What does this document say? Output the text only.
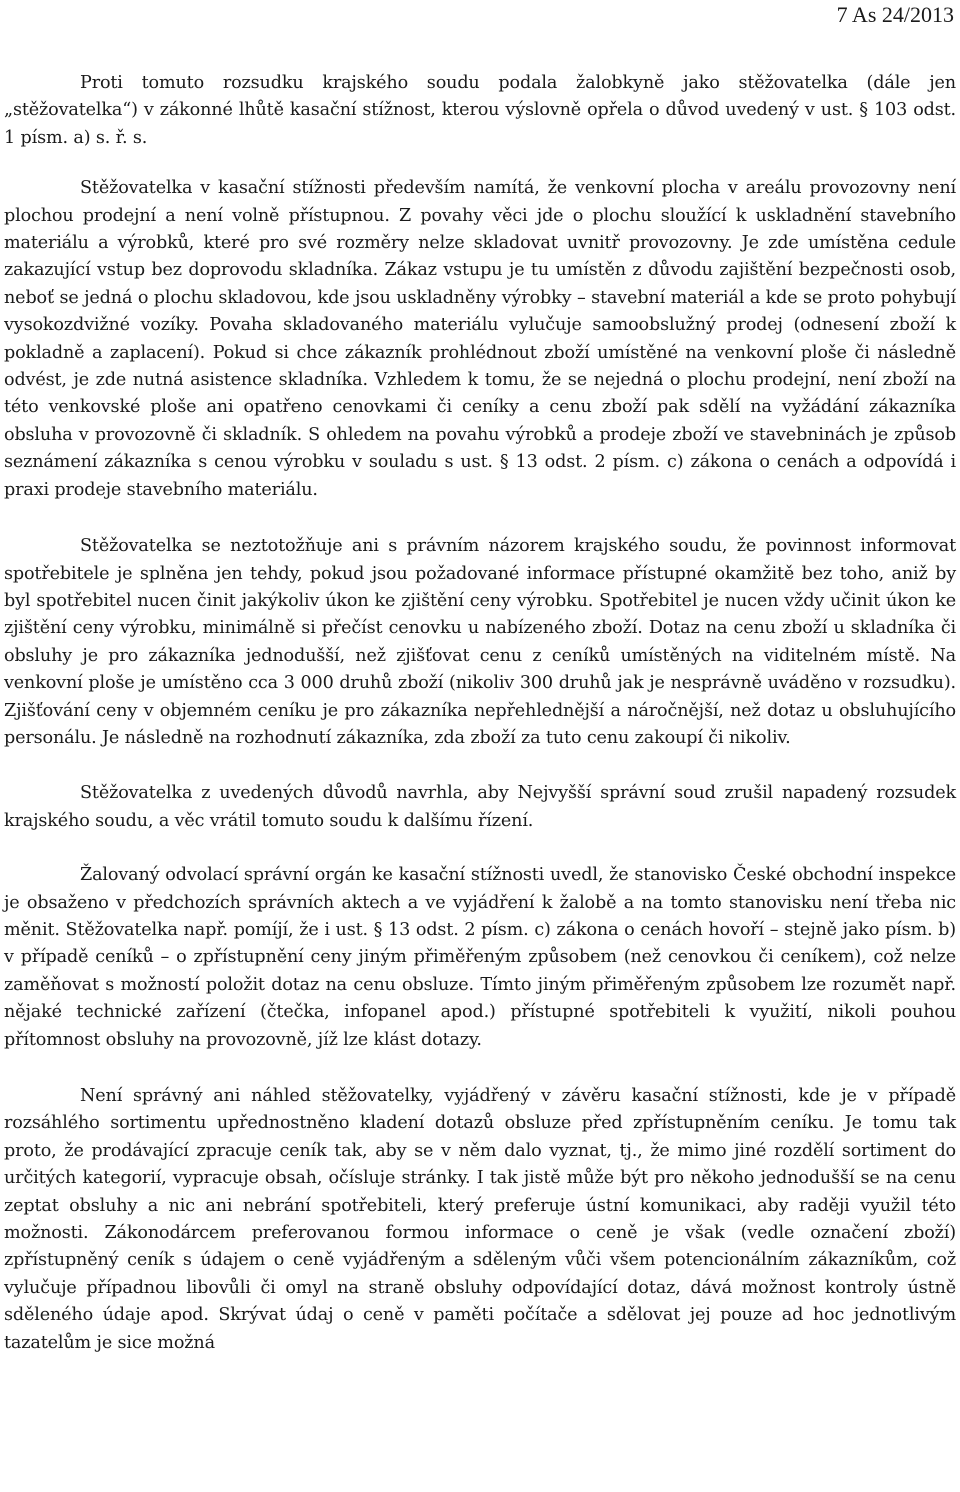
7 As 24/2013

Proti tomuto rozsudku krajského soudu podala žalobkyně jako stěžovatelka (dále jen „stěžovatelka“) v zákonné lhůtě kasační stížnost, kterou výslovně opřela o důvod uvedený v ust. § 103 odst. 1 písm. a) s. ř. s.

Stěžovatelka v kasační stížnosti především namítá, že venkovní plocha v areálu provozovny není plochou prodejní a není volně přístupnou. Z povahy věci jde o plochu sloužící k uskladnění stavebního materiálu a výrobků, které pro své rozměry nelze skladovat uvnitř provozovny. Je zde umístěna cedule zakazující vstup bez doprovodu skladníka. Zákaz vstupu je tu umístěn z důvodu zajištění bezpečnosti osob, neboť se jedná o plochu skladovou, kde jsou uskladněny výrobky – stavební materiál a kde se proto pohybují vysokozdvižné vozíky. Povaha skladovaného materiálu vylučuje samoobslužný prodej (odnesení zboží k pokladně a zaplacení). Pokud si chce zákazník prohlédnout zboží umístěné na venkovní ploše či následně odvést, je zde nutná asistence skladníka. Vzhledem k tomu, že se nejedná o plochu prodejní, není zboží na této venkovské ploše ani opatřeno cenovkami či ceníky a cenu zboží pak sdělí na vyžádání zákazníka obsluha v provozovně či skladník. S ohledem na povahu výrobků a prodeje zboží ve stavebninách je způsob seznámení zákazníka s cenou výrobku v souladu s ust. § 13 odst. 2 písm. c) zákona o cenách a odpovídá i praxi prodeje stavebního materiálu.

Stěžovatelka se neztotožňuje ani s právním názorem krajského soudu, že povinnost informovat spotřebitele je splněna jen tehdy, pokud jsou požadované informace přístupné okamžitě bez toho, aniž by byl spotřebitel nucen činit jakýkoliv úkon ke zjištění ceny výrobku. Spotřebitel je nucen vždy učinit úkon ke zjištění ceny výrobku, minimálně si přečíst cenovku u nabízeného zboží. Dotaz na cenu zboží u skladníka či obsluhy je pro zákazníka jednodušší, než zjišťovat cenu z ceníků umístěných na viditelném místě. Na venkovní ploše je umístěno cca 3 000 druhů zboží (nikoliv 300 druhů jak je nesprávně uváděno v rozsudku). Zjišťování ceny v objemném ceníku je pro zákazníka nepřehlednější a náročnější, než dotaz u obsluhujícího personálu. Je následně na rozhodnutí zákazníka, zda zboží za tuto cenu zakoupí či nikoliv.

Stěžovatelka z uvedených důvodů navrhla, aby Nejvyšší správní soud zrušil napadený rozsudek krajského soudu, a věc vrátil tomuto soudu k dalšímu řízení.

Žalovaný odvolací správní orgán ke kasační stížnosti uvedl, že stanovisko České obchodní inspekce je obsaženo v předchozích správních aktech a ve vyjádření k žalobě a na tomto stanovisku není třeba nic měnit. Stěžovatelka např. pomíjí, že i ust. § 13 odst. 2 písm. c) zákona o cenách hovoří – stejně jako písm. b) v případě ceníků – o zpřístupnění ceny jiným přiměřeným způsobem (než cenovkou či ceníkem), což nelze zaměňovat s možností položit dotaz na cenu obsluze. Tímto jiným přiměřeným způsobem lze rozumět např. nějaké technické zařízení (čtečka, infopanel apod.) přístupné spotřebiteli k využití, nikoli pouhou přítomnost obsluhy na provozovně, jíž lze klást dotazy.

Není správný ani náhled stěžovatelky, vyjádřený v závěru kasační stížnosti, kde je v případě rozsáhlého sortimentu upřednostněno kladení dotazů obsluze před zpřístupněním ceníku. Je tomu tak proto, že prodávající zpracuje ceník tak, aby se v něm dalo vyznat, tj., že mimo jiné rozdělí sortiment do určitých kategorií, vypracuje obsah, očísluje stránky. I tak jistě může být pro někoho jednodušší se na cenu zeptat obsluhy a nic ani nebrání spotřebiteli, který preferuje ústní komunikaci, aby raději využil této možnosti. Zákonodárcem preferovanou formou informace o ceně je však (vedle označení zboží) zpřístupněný ceník s údajem o ceně vyjádřeným a sděleným vůči všem potencionálním zákazníkům, což vylučuje případnou libovůli či omyl na straně obsluhy odpovídající dotaz, dává možnost kontroly ústně sděleného údaje apod. Skrývat údaj o ceně v paměti počítače a sdělovat jej pouze ad hoc jednotlivým tazatelům je sice možná
